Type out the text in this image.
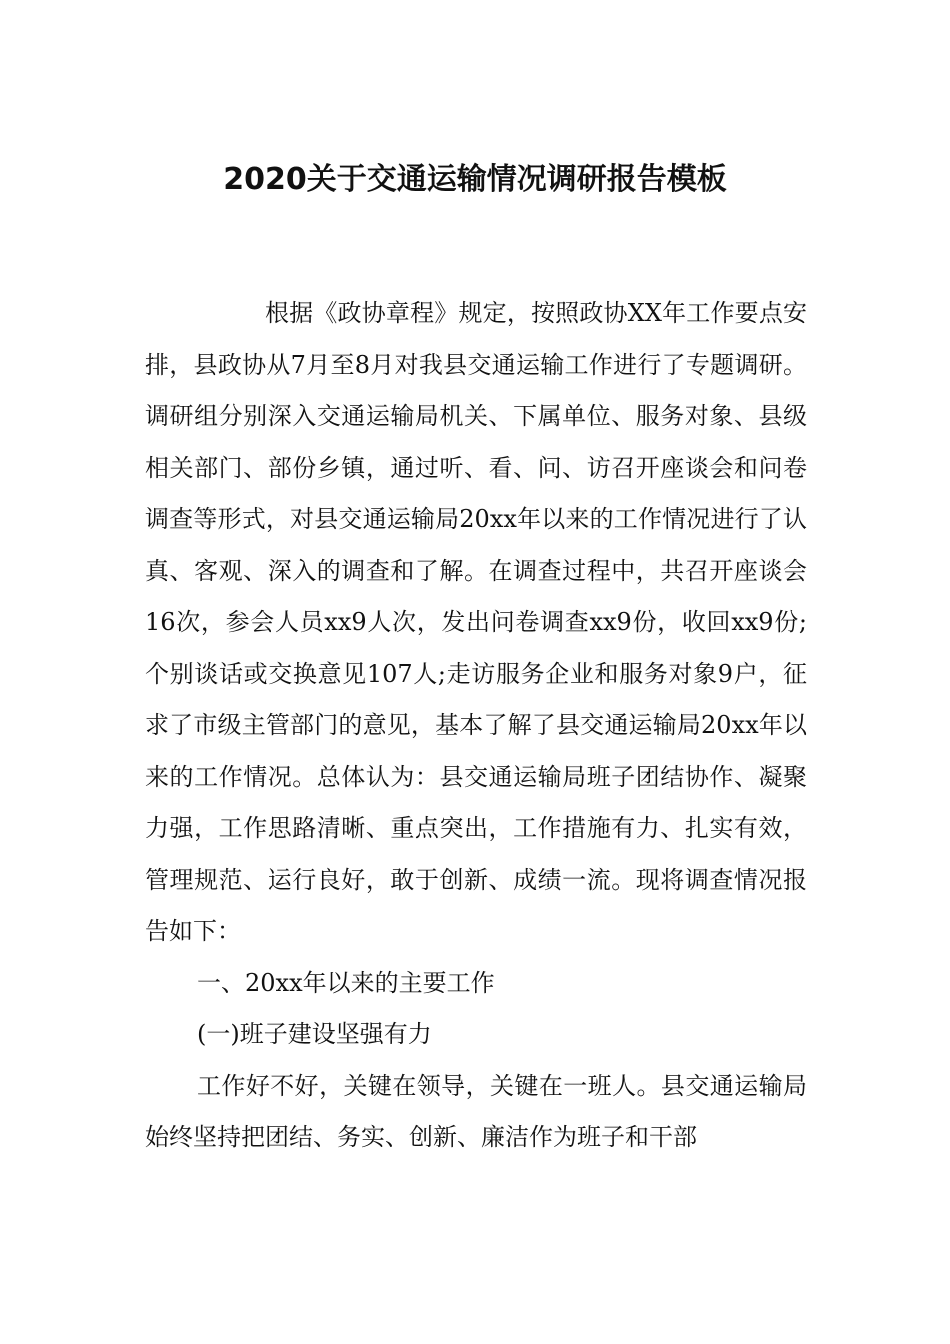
2020关于交通运输情况调研报告模板

根据《政协章程》规定，按照政协XX年工作要点安排，县政协从7月至8月对我县交通运输工作进行了专题调研。调研组分别深入交通运输局机关、下属单位、服务对象、县级相关部门、部份乡镇，通过听、看、问、访召开座谈会和问卷调查等形式，对县交通运输局20xx年以来的工作情况进行了认真、客观、深入的调查和了解。在调查过程中，共召开座谈会16次，参会人员xx9人次，发出问卷调查xx9份，收回xx9份;个别谈话或交换意见107人;走访服务企业和服务对象9户，征求了市级主管部门的意见，基本了解了县交通运输局20xx年以来的工作情况。总体认为：县交通运输局班子团结协作、凝聚力强，工作思路清晰、重点突出，工作措施有力、扎实有效，管理规范、运行良好，敢于创新、成绩一流。现将调查情况报告如下：

一、20xx年以来的主要工作

(一)班子建设坚强有力

工作好不好，关键在领导，关键在一班人。县交通运输局始终坚持把团结、务实、创新、廉洁作为班子和干部
